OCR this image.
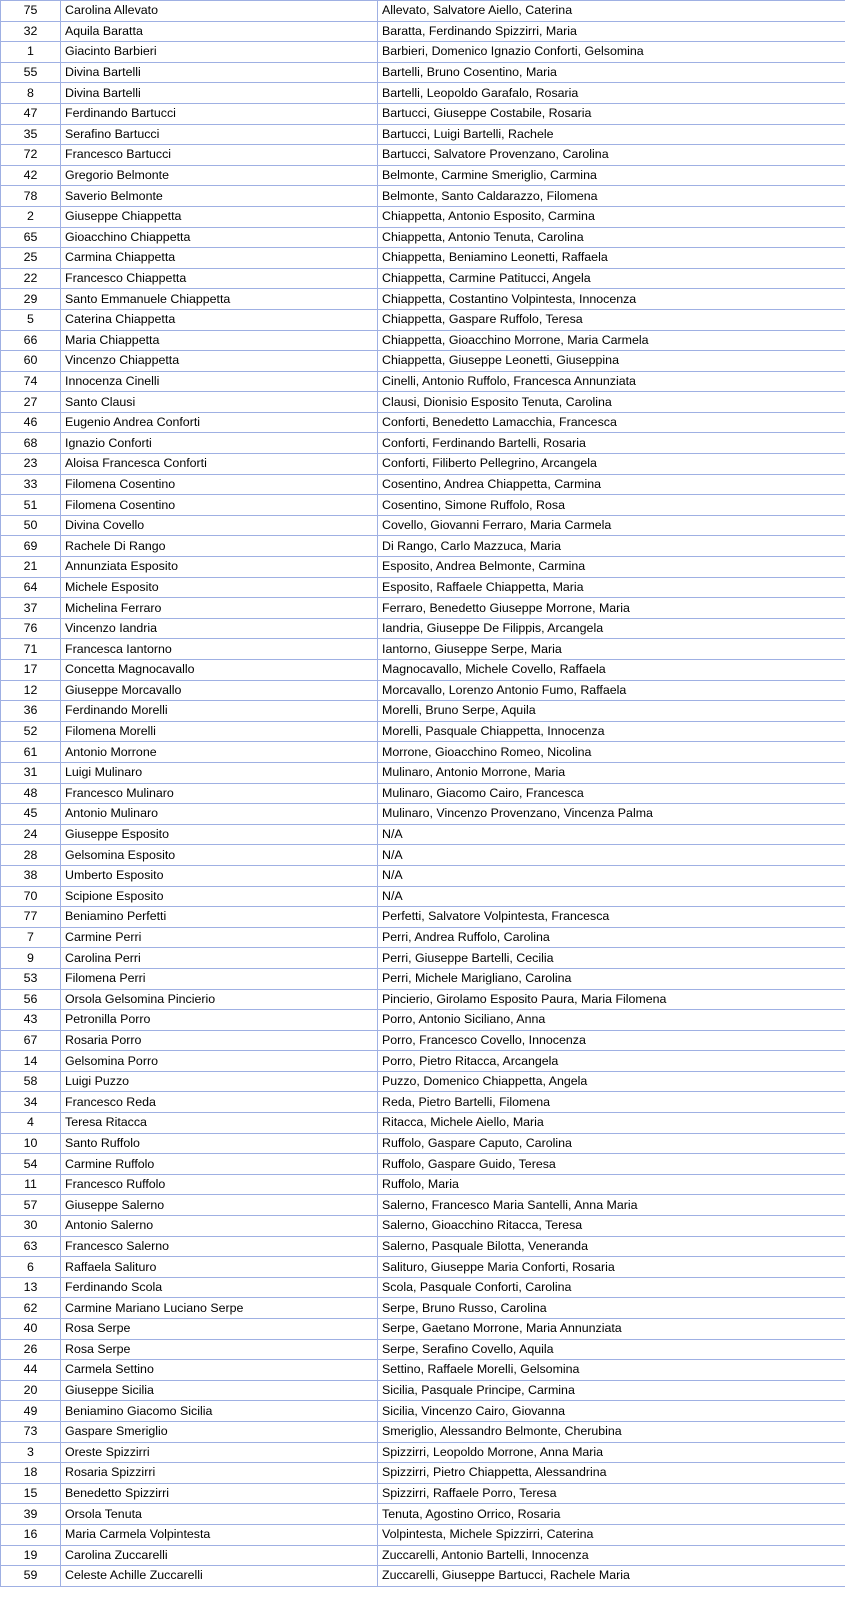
75	Carolina Allevato	Allevato, Salvatore Aiello, Caterina
32	Aquila Baratta	Baratta, Ferdinando Spizzirri, Maria
1	Giacinto Barbieri	Barbieri, Domenico Ignazio Conforti, Gelsomina
55	Divina Bartelli	Bartelli, Bruno Cosentino, Maria
8	Divina Bartelli	Bartelli, Leopoldo Garafalo, Rosaria
47	Ferdinando Bartucci	Bartucci, Giuseppe Costabile, Rosaria
35	Serafino Bartucci	Bartucci, Luigi Bartelli, Rachele
72	Francesco Bartucci	Bartucci, Salvatore Provenzano, Carolina
42	Gregorio Belmonte	Belmonte, Carmine Smeriglio, Carmina
78	Saverio Belmonte	Belmonte, Santo Caldarazzo, Filomena
2	Giuseppe Chiappetta	Chiappetta, Antonio Esposito, Carmina
65	Gioacchino Chiappetta	Chiappetta, Antonio Tenuta, Carolina
25	Carmina Chiappetta	Chiappetta, Beniamino Leonetti, Raffaela
22	Francesco Chiappetta	Chiappetta, Carmine Patitucci, Angela
29	Santo Emmanuele Chiappetta	Chiappetta, Costantino Volpintesta, Innocenza
5	Caterina Chiappetta	Chiappetta, Gaspare Ruffolo, Teresa
66	Maria Chiappetta	Chiappetta, Gioacchino Morrone, Maria Carmela
60	Vincenzo Chiappetta	Chiappetta, Giuseppe Leonetti, Giuseppina
74	Innocenza Cinelli	Cinelli, Antonio Ruffolo, Francesca Annunziata
27	Santo Clausi	Clausi, Dionisio Esposito Tenuta, Carolina
46	Eugenio Andrea Conforti	Conforti, Benedetto Lamacchia, Francesca
68	Ignazio Conforti	Conforti, Ferdinando Bartelli, Rosaria
23	Aloisa Francesca Conforti	Conforti, Filiberto Pellegrino, Arcangela
33	Filomena Cosentino	Cosentino, Andrea Chiappetta, Carmina
51	Filomena Cosentino	Cosentino, Simone Ruffolo, Rosa
50	Divina Covello	Covello, Giovanni Ferraro, Maria Carmela
69	Rachele Di Rango	Di Rango, Carlo Mazzuca, Maria
21	Annunziata Esposito	Esposito, Andrea Belmonte, Carmina
64	Michele Esposito	Esposito, Raffaele Chiappetta, Maria
37	Michelina Ferraro	Ferraro, Benedetto Giuseppe Morrone, Maria
76	Vincenzo Iandria	Iandria, Giuseppe De Filippis, Arcangela
71	Francesca Iantorno	Iantorno, Giuseppe Serpe, Maria
17	Concetta Magnocavallo	Magnocavallo, Michele Covello, Raffaela
12	Giuseppe Morcavallo	Morcavallo, Lorenzo Antonio Fumo, Raffaela
36	Ferdinando Morelli	Morelli, Bruno Serpe, Aquila
52	Filomena Morelli	Morelli, Pasquale Chiappetta, Innocenza
61	Antonio Morrone	Morrone, Gioacchino Romeo, Nicolina
31	Luigi Mulinaro	Mulinaro, Antonio Morrone, Maria
48	Francesco Mulinaro	Mulinaro, Giacomo Cairo, Francesca
45	Antonio Mulinaro	Mulinaro, Vincenzo Provenzano, Vincenza Palma
24	Giuseppe Esposito	N/A
28	Gelsomina Esposito	N/A
38	Umberto Esposito	N/A
70	Scipione Esposito	N/A
77	Beniamino Perfetti	Perfetti, Salvatore Volpintesta, Francesca
7	Carmine Perri	Perri, Andrea Ruffolo, Carolina
9	Carolina Perri	Perri, Giuseppe Bartelli, Cecilia
53	Filomena Perri	Perri, Michele Marigliano, Carolina
56	Orsola Gelsomina Pincierio	Pincierio, Girolamo Esposito Paura, Maria Filomena
43	Petronilla Porro	Porro, Antonio Siciliano, Anna
67	Rosaria Porro	Porro, Francesco Covello, Innocenza
14	Gelsomina Porro	Porro, Pietro Ritacca, Arcangela
58	Luigi Puzzo	Puzzo, Domenico Chiappetta, Angela
34	Francesco Reda	Reda, Pietro Bartelli, Filomena
4	Teresa Ritacca	Ritacca, Michele Aiello, Maria
10	Santo Ruffolo	Ruffolo, Gaspare Caputo, Carolina
54	Carmine Ruffolo	Ruffolo, Gaspare Guido, Teresa
11	Francesco Ruffolo	Ruffolo, Maria
57	Giuseppe Salerno	Salerno, Francesco Maria Santelli, Anna Maria
30	Antonio Salerno	Salerno, Gioacchino Ritacca, Teresa
63	Francesco Salerno	Salerno, Pasquale Bilotta, Veneranda
6	Raffaela Salituro	Salituro, Giuseppe Maria Conforti, Rosaria
13	Ferdinando Scola	Scola, Pasquale Conforti, Carolina
62	Carmine Mariano Luciano Serpe	Serpe, Bruno Russo, Carolina
40	Rosa Serpe	Serpe, Gaetano Morrone, Maria Annunziata
26	Rosa Serpe	Serpe, Serafino Covello, Aquila
44	Carmela Settino	Settino, Raffaele Morelli, Gelsomina
20	Giuseppe Sicilia	Sicilia, Pasquale Principe, Carmina
49	Beniamino Giacomo Sicilia	Sicilia, Vincenzo Cairo, Giovanna
73	Gaspare Smeriglio	Smeriglio, Alessandro Belmonte, Cherubina
3	Oreste Spizzirri	Spizzirri, Leopoldo Morrone, Anna Maria
18	Rosaria Spizzirri	Spizzirri, Pietro Chiappetta, Alessandrina
15	Benedetto Spizzirri	Spizzirri, Raffaele Porro, Teresa
39	Orsola Tenuta	Tenuta, Agostino Orrico, Rosaria
16	Maria Carmela Volpintesta	Volpintesta, Michele Spizzirri, Caterina
19	Carolina Zuccarelli	Zuccarelli, Antonio Bartelli, Innocenza
59	Celeste Achille Zuccarelli	Zuccarelli, Giuseppe Bartucci, Rachele Maria
